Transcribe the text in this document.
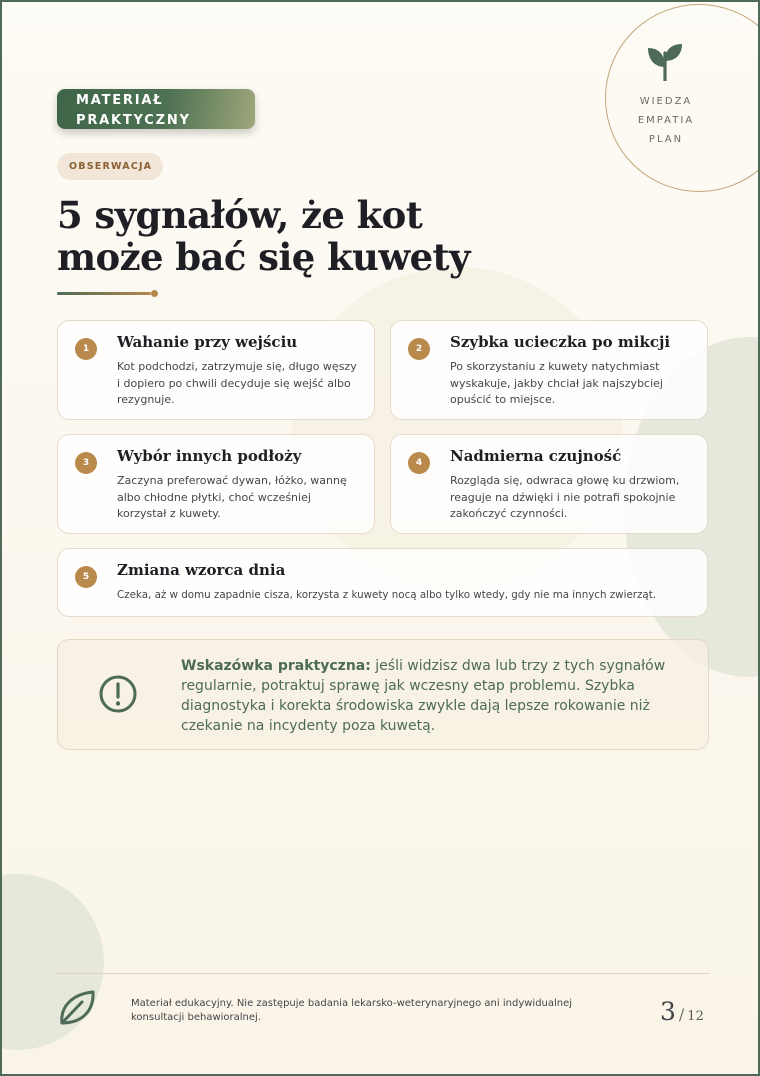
WIEDZA
EMPATIA
PLAN
MATERIAŁ
PRAKTYCZNY
OBSERWACJA
5 sygnałów, że kot
może bać się kuwety
1	Wahanie przy wejściu

Kot podchodzi, zatrzymuje się, długo węszy i dopiero po chwili decyduje się wejść albo rezygnuje.

2	Szybka ucieczka po mikcji

Po skorzystaniu z kuwety natychmiast wyskakuje, jakby chciał jak najszybciej opuścić to miejsce.

3	Wybór innych podłoży

Zaczyna preferować dywan, łóżko, wannę albo chłodne płytki, choć wcześniej korzystał z kuwety.

4	Nadmierna czujność

Rozgląda się, odwraca głowę ku drzwiom, reaguje na dźwięki i nie potrafi spokojnie zakończyć czynności.

5	Zmiana wzorca dnia

Czeka, aż w domu zapadnie cisza, korzysta z kuwety nocą albo tylko wtedy, gdy nie ma innych zwierząt.

Wskazówka praktyczna: jeśli widzisz dwa lub trzy z tych sygnałów regularnie, potraktuj sprawę jak wczesny etap problemu. Szybka diagnostyka i korekta środowiska zwykle dają lepsze rokowanie niż czekanie na incydenty poza kuwetą.

Materiał edukacyjny. Nie zastępuje badania lekarsko-weterynaryjnego ani indywidualnej konsultacji behawioralnej.	3 / 12
